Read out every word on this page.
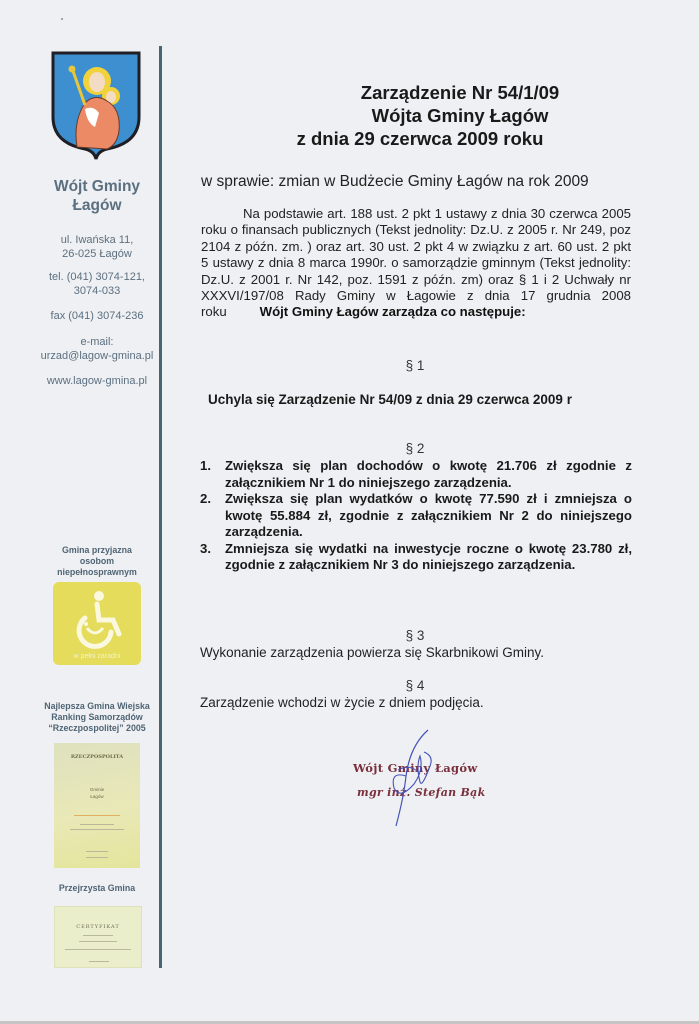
Wójt Gminy
Łagów
ul. Iwańska 11,
26-025 Łagów
tel. (041) 3074-121,
3074-033
fax (041) 3074-236
e-mail:
urzad@lagow-gmina.pl
www.lagow-gmina.pl
Gmina przyjazna
osobom
niepełnosprawnym
w pełni zaradni
Najlepsza Gmina Wiejska
Ranking Samorządów
“Rzeczpospolitej” 2005
RZECZPOSPOLITA
Gminie
Łagów
Przejrzysta Gmina
CERTYFIKAT
Zarządzenie Nr 54/1/09
Wójta Gminy Łagów
z dnia 29 czerwca 2009 roku
w sprawie: zmian w Budżecie Gminy Łagów na rok 2009
Na podstawie art. 188 ust. 2 pkt 1 ustawy z dnia 30 czerwca 2005 roku o finansach publicznych (Tekst jednolity: Dz.U. z 2005 r. Nr 249, poz 2104 z późn. zm. ) oraz art. 30 ust. 2 pkt 4 w związku z art. 60 ust. 2 pkt 5 ustawy z dnia 8 marca 1990r. o samorządzie gminnym (Tekst jednolity: Dz.U. z 2001 r. Nr 142, poz. 1591 z późn. zm) oraz § 1 i 2 Uchwały nr XXXVI/197/08 Rady Gminy w Łagowie z dnia 17 grudnia 2008 roku Wójt Gminy Łagów zarządza co następuje:
§ 1
Uchyla się Zarządzenie Nr 54/09 z dnia 29 czerwca 2009 r
§ 2
1.	Zwiększa się plan dochodów o kwotę 21.706 zł zgodnie z załącznikiem Nr 1 do niniejszego zarządzenia.
2.	Zwiększa się plan wydatków o kwotę 77.590 zł i zmniejsza o kwotę 55.884 zł, zgodnie z załącznikiem Nr 2 do niniejszego zarządzenia.
3.	Zmniejsza się wydatki na inwestycje roczne o kwotę 23.780 zł, zgodnie z załącznikiem Nr 3 do niniejszego zarządzenia.
§ 3
Wykonanie zarządzenia powierza się Skarbnikowi Gminy.
§ 4
Zarządzenie wchodzi w życie z dniem podjęcia.
Wójt Gminy Łagów
mgr inż. Stefan Bąk
